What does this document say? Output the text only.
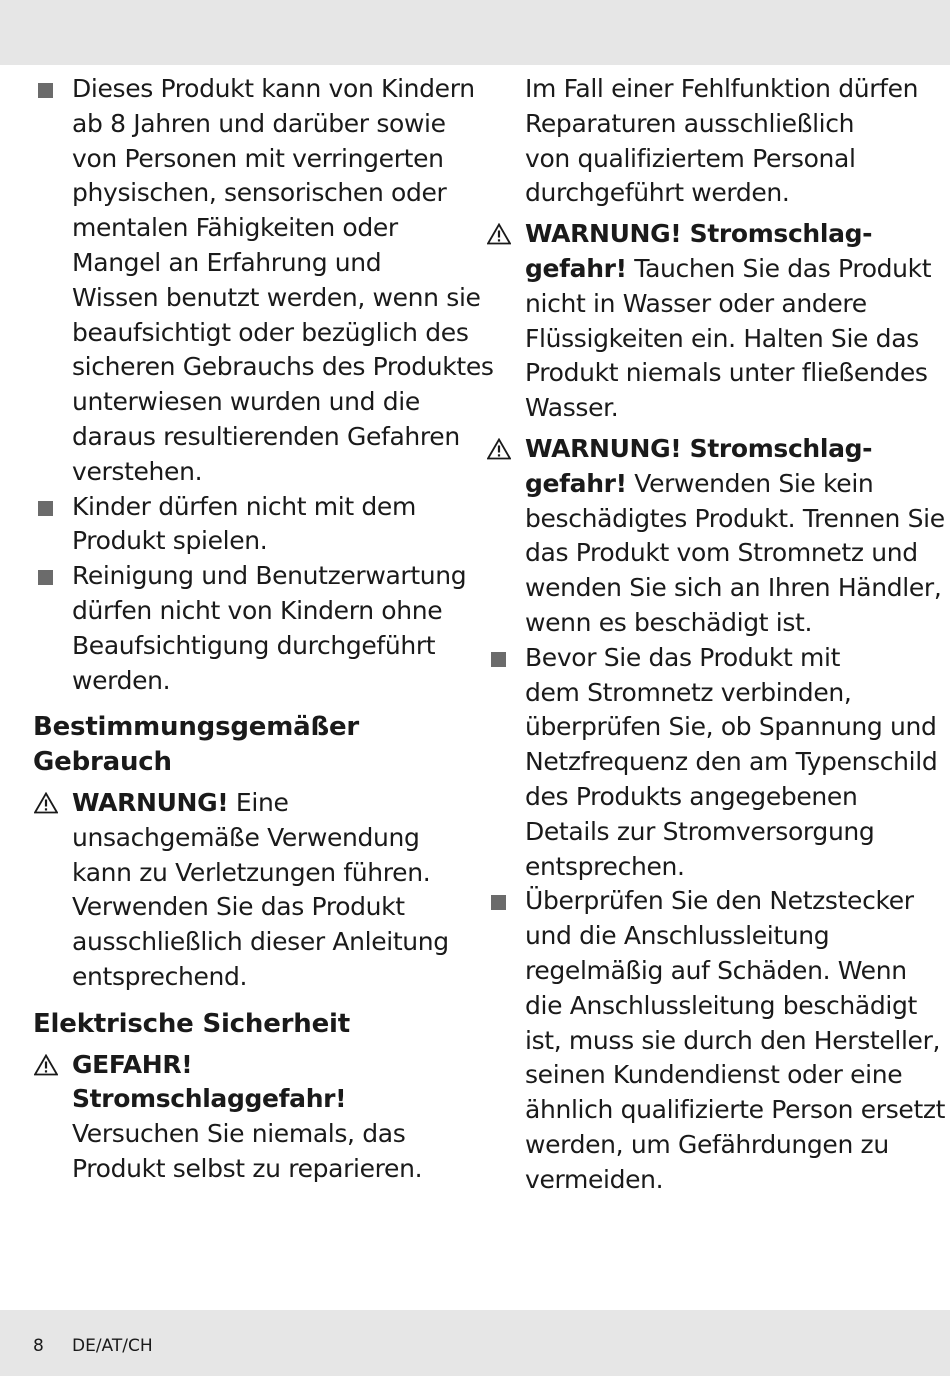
Dieses Produkt kann von Kindern
ab 8 Jahren und darüber sowie
von Personen mit verringerten
physischen, sensorischen oder
mentalen Fähigkeiten oder
Mangel an Erfahrung und
Wissen benutzt werden, wenn sie
beaufsichtigt oder bezüglich des
sicheren Gebrauchs des Produktes
unterwiesen wurden und die
daraus resultierenden Gefahren
verstehen.
Kinder dürfen nicht mit dem
Produkt spielen.
Reinigung und Benutzerwartung
dürfen nicht von Kindern ohne
Beaufsichtigung durchgeführt
werden.
Bestimmungsgemäßer
Gebrauch
WARNUNG! Eine
unsachgemäße Verwendung
kann zu Verletzungen führen.
Verwenden Sie das Produkt
ausschließlich dieser Anleitung
entsprechend.
Elektrische Sicherheit
GEFAHR!
Stromschlaggefahr!
Versuchen Sie niemals, das
Produkt selbst zu reparieren.
Im Fall einer Fehlfunktion dürfen
Reparaturen ausschließlich
von qualifiziertem Personal
durchgeführt werden.
WARNUNG! Stromschlag-
gefahr! Tauchen Sie das Produkt
nicht in Wasser oder andere
Flüssigkeiten ein. Halten Sie das
Produkt niemals unter fließendes
Wasser.
WARNUNG! Stromschlag-
gefahr! Verwenden Sie kein
beschädigtes Produkt. Trennen Sie
das Produkt vom Stromnetz und
wenden Sie sich an Ihren Händler,
wenn es beschädigt ist.
Bevor Sie das Produkt mit
dem Stromnetz verbinden,
überprüfen Sie, ob Spannung und
Netzfrequenz den am Typenschild
des Produkts angegebenen
Details zur Stromversorgung
entsprechen.
Überprüfen Sie den Netzstecker
und die Anschlussleitung
regelmäßig auf Schäden. Wenn
die Anschlussleitung beschädigt
ist, muss sie durch den Hersteller,
seinen Kundendienst oder eine
ähnlich qualifizierte Person ersetzt
werden, um Gefährdungen zu
vermeiden.
8 DE/AT/CH
